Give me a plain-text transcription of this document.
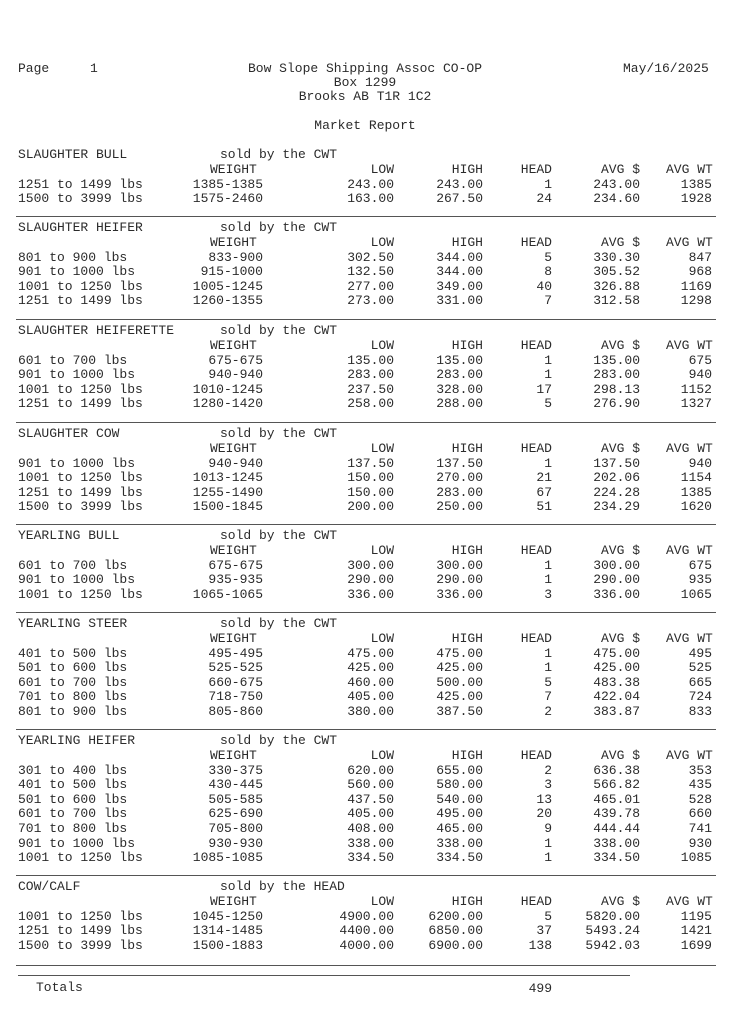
Page	1	Bow Slope Shipping Assoc CO-OP
Box 1299
Brooks AB T1R 1C2
May/16/2025
Market Report
SLAUGHTER BULL	sold by the CWT
WEIGHT	LOW	HIGH	HEAD	AVG $ AVG WT
1251 to 1499 lbs	1385-1385	243.00	243.00	1	243.00	1385
1500 to 3999 lbs	1575-2460	163.00	267.50	24	234.60	1928
SLAUGHTER HEIFER	sold by the CWT
WEIGHT	LOW	HIGH	HEAD	AVG $ AVG WT
801 to 900 lbs	833-900	302.50	344.00	5	330.30	847
901 to 1000 lbs	915-1000	132.50	344.00	8	305.52	968
1001 to 1250 lbs	1005-1245	277.00	349.00	40	326.88	1169
1251 to 1499 lbs	1260-1355	273.00	331.00	7	312.58	1298
SLAUGHTER HEIFERETTE	sold by the CWT
WEIGHT	LOW	HIGH	HEAD	AVG $ AVG WT
601 to 700 lbs	675-675	135.00	135.00	1	135.00	675
901 to 1000 lbs	940-940	283.00	283.00	1	283.00	940
1001 to 1250 lbs	1010-1245	237.50	328.00	17	298.13	1152
1251 to 1499 lbs	1280-1420	258.00	288.00	5	276.90	1327
SLAUGHTER COW	sold by the CWT
WEIGHT	LOW	HIGH	HEAD	AVG $ AVG WT
901 to 1000 lbs	940-940	137.50	137.50	1	137.50	940
1001 to 1250 lbs	1013-1245	150.00	270.00	21	202.06	1154
1251 to 1499 lbs	1255-1490	150.00	283.00	67	224.28	1385
1500 to 3999 lbs	1500-1845	200.00	250.00	51	234.29	1620
YEARLING BULL	sold by the CWT
WEIGHT	LOW	HIGH	HEAD	AVG $ AVG WT
601 to 700 lbs	675-675	300.00	300.00	1	300.00	675
901 to 1000 lbs	935-935	290.00	290.00	1	290.00	935
1001 to 1250 lbs	1065-1065	336.00	336.00	3	336.00	1065
YEARLING STEER	sold by the CWT
WEIGHT	LOW	HIGH	HEAD	AVG $ AVG WT
401 to 500 lbs	495-495	475.00	475.00	1	475.00	495
501 to 600 lbs	525-525	425.00	425.00	1	425.00	525
601 to 700 lbs	660-675	460.00	500.00	5	483.38	665
701 to 800 lbs	718-750	405.00	425.00	7	422.04	724
801 to 900 lbs	805-860	380.00	387.50	2	383.87	833
YEARLING HEIFER	sold by the CWT
WEIGHT	LOW	HIGH	HEAD	AVG $ AVG WT
301 to 400 lbs	330-375	620.00	655.00	2	636.38	353
401 to 500 lbs	430-445	560.00	580.00	3	566.82	435
501 to 600 lbs	505-585	437.50	540.00	13	465.01	528
601 to 700 lbs	625-690	405.00	495.00	20	439.78	660
701 to 800 lbs	705-800	408.00	465.00	9	444.44	741
901 to 1000 lbs	930-930	338.00	338.00	1	338.00	930
1001 to 1250 lbs	1085-1085	334.50	334.50	1	334.50	1085
COW/CALF	sold by the HEAD
WEIGHT	LOW	HIGH	HEAD	AVG $ AVG WT
1001 to 1250 lbs	1045-1250	4900.00	6200.00	5	5820.00	1195
1251 to 1499 lbs	1314-1485	4400.00	6850.00	37	5493.24	1421
1500 to 3999 lbs	1500-1883	4000.00	6900.00	138	5942.03	1699
Totals	499
